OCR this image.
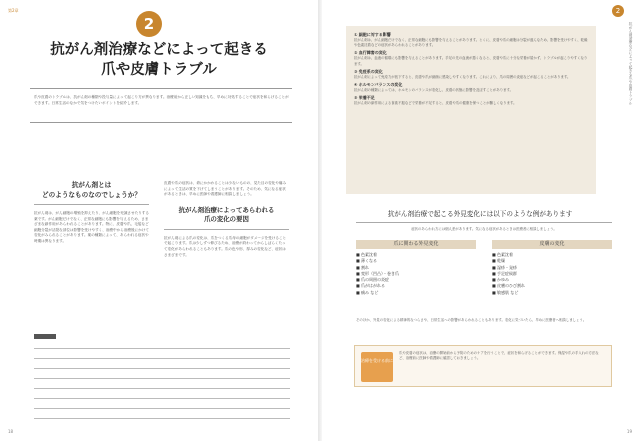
第2章
2
抗がん剤治療などによって起きる
爪や皮膚トラブル

爪や皮膚のトラブルは、抗がん剤の種類や投与量によって起こり方が異なります。治療前から正しい知識をもち、早めに対処することで症状を和らげることができます。日常生活のなかで気をつけたいポイントを紹介します。

抗がん剤とは
どのようなものなのでしょうか？

抗がん剤は、がん細胞の増殖を抑えたり、がん細胞を死滅させたりする薬です。がん細胞だけでなく、正常な細胞にも影響を与えるため、さまざまな副作用があらわれることがあります。特に、皮膚や爪、毛髪など細胞分裂が活発な部位は影響を受けやすく、治療中から治療後にかけて変化がみられることがあります。薬の種類によって、あらわれる症状や時期は異なります。

皮膚や爪の症状は、命にかかわることは少ないものの、見た目の変化や痛みによって生活の質を下げてしまうことがあります。そのため、気になる症状があるときは、早めに医師や看護師に相談しましょう。

抗がん剤治療によってあらわれる
爪の変化の要因

抗がん剤による爪の変化は、爪をつくる爪母の細胞がダメージを受けることで起こります。爪は少しずつ伸びるため、治療が終わってからしばらくたって変化があらわれることもあります。爪の色や形、厚みの変化など、症状はさまざまです。

18
① 細胞に対する影響

抗がん剤は、がん細胞だけでなく、正常な細胞にも影響を与えることがあります。とくに、皮膚や爪の細胞は分裂が盛んなため、影響を受けやすく、乾燥や色素沈着などの症状があらわれることがあります。

② 血行障害の変化

抗がん剤は、血液の循環にも影響を与えることがあります。手足の先の血流が悪くなると、皮膚や爪に十分な栄養が届かず、トラブルが起こりやすくなります。

③ 免疫系の変化

抗がん剤によって免疫力が低下すると、皮膚や爪が細菌に感染しやすくなります。これにより、爪の周囲の炎症などが起こることがあります。

④ ホルモンバランスの変化

抗がん剤の種類によっては、ホルモンのバランスが変化し、皮膚の状態に影響を及ぼすことがあります。

⑤ 栄養不足

抗がん剤の副作用による食欲不振などで栄養が不足すると、皮膚や爪の健康を保つことが難しくなります。

2
抗がん剤治療などによって起きる爪や皮膚トラブル
抗がん剤治療で起こる外見変化には以下のような例があります
症状のあらわれ方には個人差があります。気になる症状があるときは医療者に相談しましょう。
爪に関わる外見変化
■ 色素沈着
■ 薄くなる
■ 割れ
■ 変形（凹凸）・巻き爪
■ 爪の周囲の炎症
■ 爪がはがれる
■ 痛み など
皮膚の変化
■ 色素沈着
■ 乾燥
■ 湿疹・発疹
■ 手足症候群
■ かゆみ
■ 皮膚のひび割れ
■ 敏感肌 など

そのほか、外見の変化による精神的なつらさや、日常生活への影響があらわれることもあります。変化に気づいたら、早めに医療者へ相談しましょう。

治療を受ける前に

爪や皮膚の症状は、治療の開始前から予防のためのケアを行うことで、症状を和らげることができます。保湿や爪の手入れの方法など、治療前に医師や看護師に確認しておきましょう。

19
